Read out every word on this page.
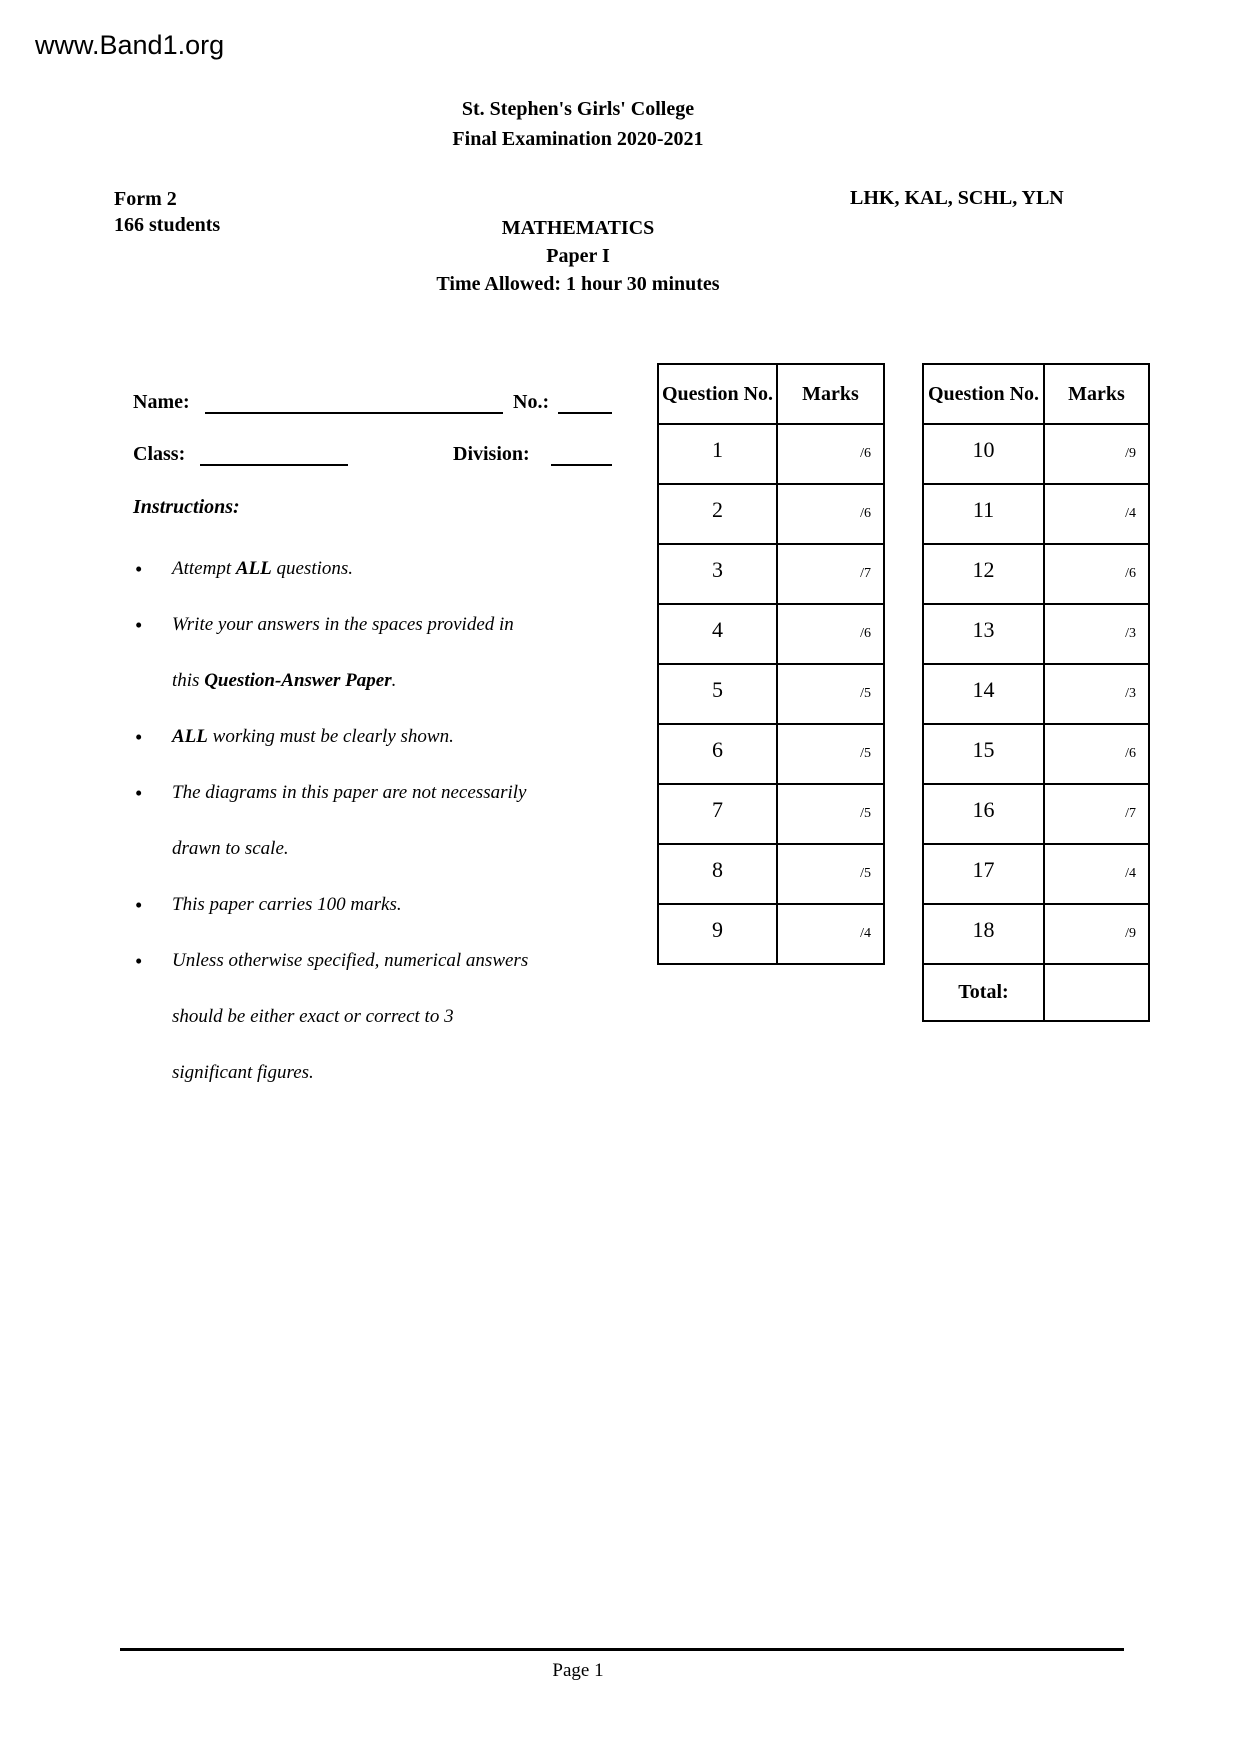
www.Band1.org
St. Stephen's Girls' College
Final Examination 2020-2021
Form 2
166 students
LHK, KAL, SCHL, YLN
MATHEMATICS
Paper I
Time Allowed: 1 hour 30 minutes
Name:	No.:
Class:	Division:
Instructions:
• Attempt ALL questions.
• Write your answers in the spaces provided in
this Question-Answer Paper.
• ALL working must be clearly shown.
• The diagrams in this paper are not necessarily
drawn to scale.
• This paper carries 100 marks.
• Unless otherwise specified, numerical answers
should be either exact or correct to 3
significant figures.
Question No.	Marks
1	/6
2	/6
3	/7
4	/6
5	/5
6	/5
7	/5
8	/5
9	/4
Question No.	Marks
10	/9
11	/4
12	/6
13	/3
14	/3
15	/6
16	/7
17	/4
18	/9
Total:	
Page 1
